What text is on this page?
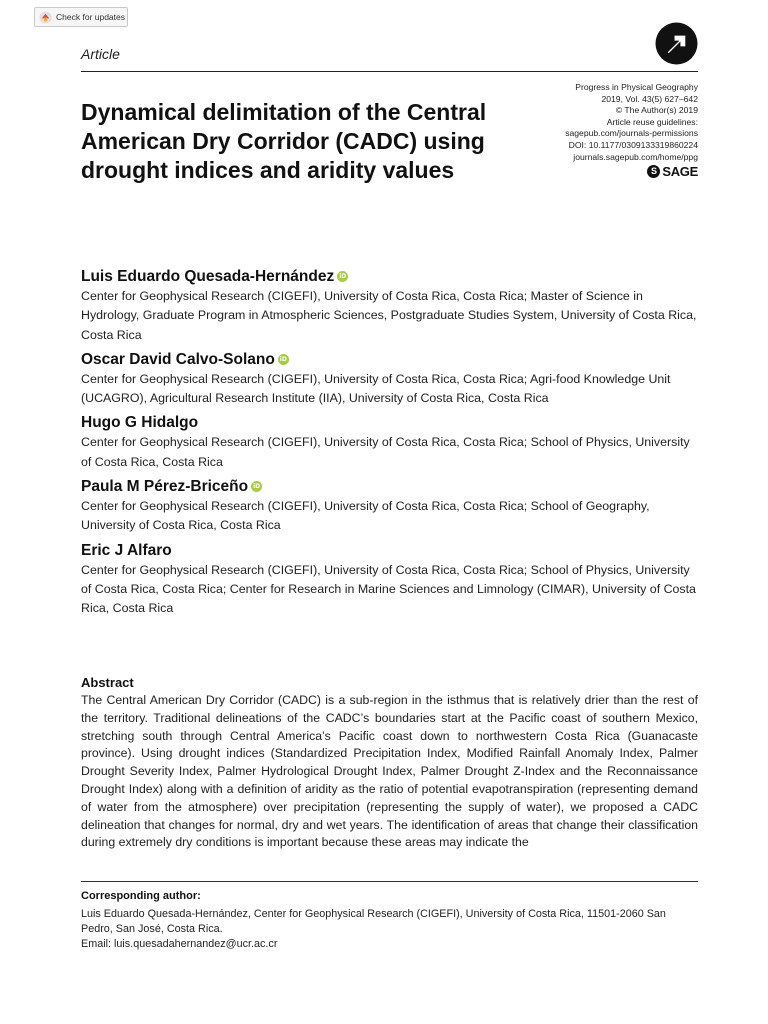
Check for updates
Article
Dynamical delimitation of the Central American Dry Corridor (CADC) using drought indices and aridity values
Progress in Physical Geography
2019, Vol. 43(5) 627–642
© The Author(s) 2019
Article reuse guidelines:
sagepub.com/journals-permissions
DOI: 10.1177/0309133319860224
journals.sagepub.com/home/ppg
S
SAGE
Luis Eduardo Quesada-Hernández iD
Center for Geophysical Research (CIGEFI), University of Costa Rica, Costa Rica; Master of Science in Hydrology, Graduate Program in Atmospheric Sciences, Postgraduate Studies System, University of Costa Rica, Costa Rica
Oscar David Calvo-Solano iD
Center for Geophysical Research (CIGEFI), University of Costa Rica, Costa Rica; Agri-food Knowledge Unit (UCAGRO), Agricultural Research Institute (IIA), University of Costa Rica, Costa Rica
Hugo G Hidalgo
Center for Geophysical Research (CIGEFI), University of Costa Rica, Costa Rica; School of Physics, University of Costa Rica, Costa Rica
Paula M Pérez-Briceño iD
Center for Geophysical Research (CIGEFI), University of Costa Rica, Costa Rica; School of Geography, University of Costa Rica, Costa Rica
Eric J Alfaro
Center for Geophysical Research (CIGEFI), University of Costa Rica, Costa Rica; School of Physics, University of Costa Rica, Costa Rica; Center for Research in Marine Sciences and Limnology (CIMAR), University of Costa Rica, Costa Rica
Abstract

The Central American Dry Corridor (CADC) is a sub-region in the isthmus that is relatively drier than the rest of the territory. Traditional delineations of the CADC’s boundaries start at the Pacific coast of southern Mexico, stretching south through Central America’s Pacific coast down to northwestern Costa Rica (Guanacaste province). Using drought indices (Standardized Precipitation Index, Modified Rainfall Anomaly Index, Palmer Drought Severity Index, Palmer Hydrological Drought Index, Palmer Drought Z-Index and the Reconnaissance Drought Index) along with a definition of aridity as the ratio of potential evapotranspiration (representing demand of water from the atmosphere) over precipitation (representing the supply of water), we proposed a CADC delineation that changes for normal, dry and wet years. The identification of areas that change their classification during extremely dry conditions is important because these areas may indicate the

Corresponding author:
Luis Eduardo Quesada-Hernández, Center for Geophysical Research (CIGEFI), University of Costa Rica, 11501-2060 San Pedro, San José, Costa Rica.
Email: luis.quesadahernandez@ucr.ac.cr
